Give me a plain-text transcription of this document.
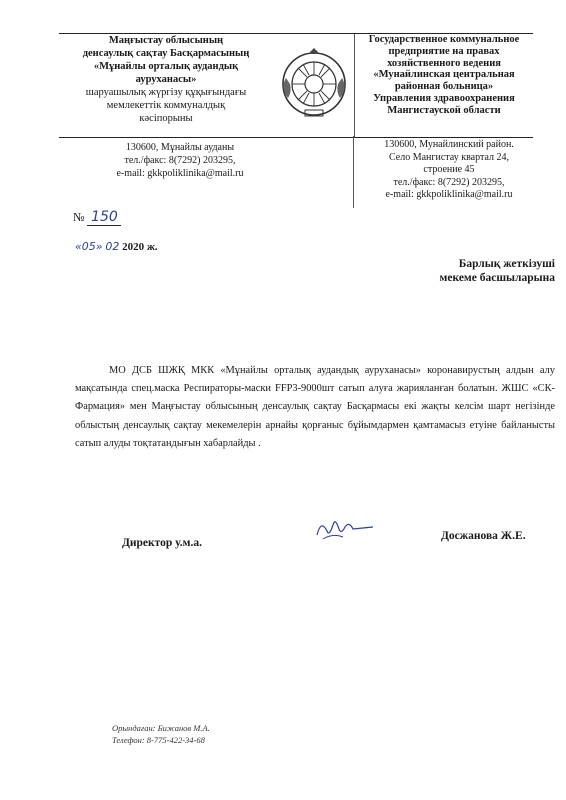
Маңғыстау облысының
денсаулық сақтау Басқармасының
«Мұнайлы орталық аудандық
ауруханасы»
шаруашылық жүргізу құқығындағы
мемлекеттік коммуналдық
кәсіпорыны
Государственное коммунальное
предприятие на правах
хозяйственного ведения
«Мунайлинская центральная
районная больница»
Управления здравоохранения
Мангистауской области
130600, Мұнайлы ауданы
тел./факс: 8(7292) 203295,
e-mail: gkkpoliklinika@mail.ru
130600, Мунайлинский район.
Село Мангистау квартал 24,
строение 45
тел./факс: 8(7292) 203295,
e-mail: gkkpoliklinika@mail.ru
№ 150
«05» 02 2020 ж.
Барлық жеткізуші
мекеме басшыларына
МО ДСБ ШЖҚ МКК «Мұнайлы орталық аудандық ауруханасы» коронавирустың алдын алу мақсатында спец.маска Респираторы-маски FFP3-9000шт сатып алуға жарияланған болатын. ЖШС «СК-Фармация» мен Маңғыстау облысының денсаулық сақтау Басқармасы екі жақты келсім шарт негізінде облыстың денсаулық сақтау мекемелерін арнайы қорғаныс бұйымдармен қамтамасыз етуіне байланысты сатып алуды тоқтатандығын хабарлайды .
Директор у.м.а.
Досжанова Ж.Е.
Орындаған: Бижанов М.А.
Телефон: 8-775-422-34-68
